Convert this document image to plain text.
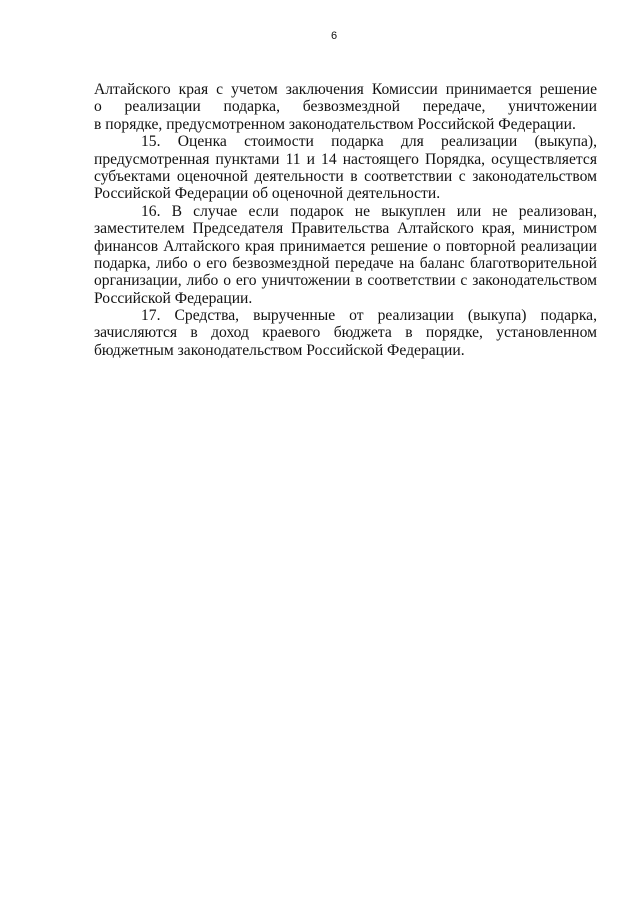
6
Алтайского края с учетом заключения Комиссии принимается решение
о реализации подарка, безвозмездной передаче, уничтожении
в порядке, предусмотренном законодательством Российской Федерации.
15. Оценка стоимости подарка для реализации (выкупа),
предусмотренная пунктами 11 и 14 настоящего Порядка, осуществляется
субъектами оценочной деятельности в соответствии с законодательством
Российской Федерации об оценочной деятельности.
16. В случае если подарок не выкуплен или не реализован,
заместителем Председателя Правительства Алтайского края, министром
финансов Алтайского края принимается решение о повторной реализации
подарка, либо о его безвозмездной передаче на баланс благотворительной
организации, либо о его уничтожении в соответствии с законодательством
Российской Федерации.
17. Средства, вырученные от реализации (выкупа) подарка,
зачисляются в доход краевого бюджета в порядке, установленном
бюджетным законодательством Российской Федерации.
